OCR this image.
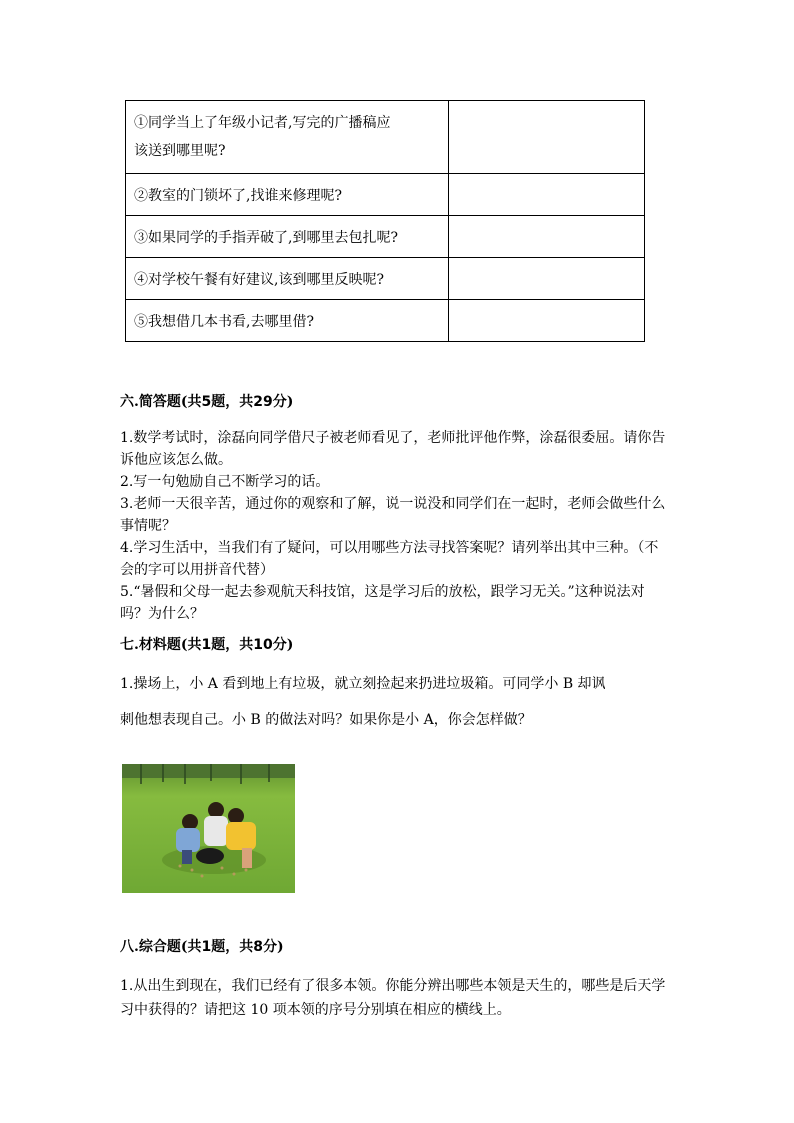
①同学当上了年级小记者,写完的广播稿应
该送到哪里呢?	

②教室的门锁坏了,找谁来修理呢?	
③如果同学的手指弄破了,到哪里去包扎呢?	
④对学校午餐有好建议,该到哪里反映呢?	
⑤我想借几本书看,去哪里借?	
六.简答题(共5题，共29分)

1.数学考试时，涂磊向同学借尺子被老师看见了，老师批评他作弊，涂磊很委屈。请你告诉他应该怎么做。

2.写一句勉励自己不断学习的话。

3.老师一天很辛苦，通过你的观察和了解，说一说没和同学们在一起时，老师会做些什么事情呢？

4.学习生活中，当我们有了疑问，可以用哪些方法寻找答案呢？请列举出其中三种。（不会的字可以用拼音代替）

5.“暑假和父母一起去参观航天科技馆，这是学习后的放松，跟学习无关。”这种说法对吗？为什么？

七.材料题(共1题，共10分)

1.操场上，小 A 看到地上有垃圾，就立刻捡起来扔进垃圾箱。可同学小 B 却讽

刺他想表现自己。小 B 的做法对吗？如果你是小 A，你会怎样做？

八.综合题(共1题，共8分)

1.从出生到现在，我们已经有了很多本领。你能分辨出哪些本领是天生的，哪些是后天学习中获得的？请把这 10 项本领的序号分别填在相应的横线上。
